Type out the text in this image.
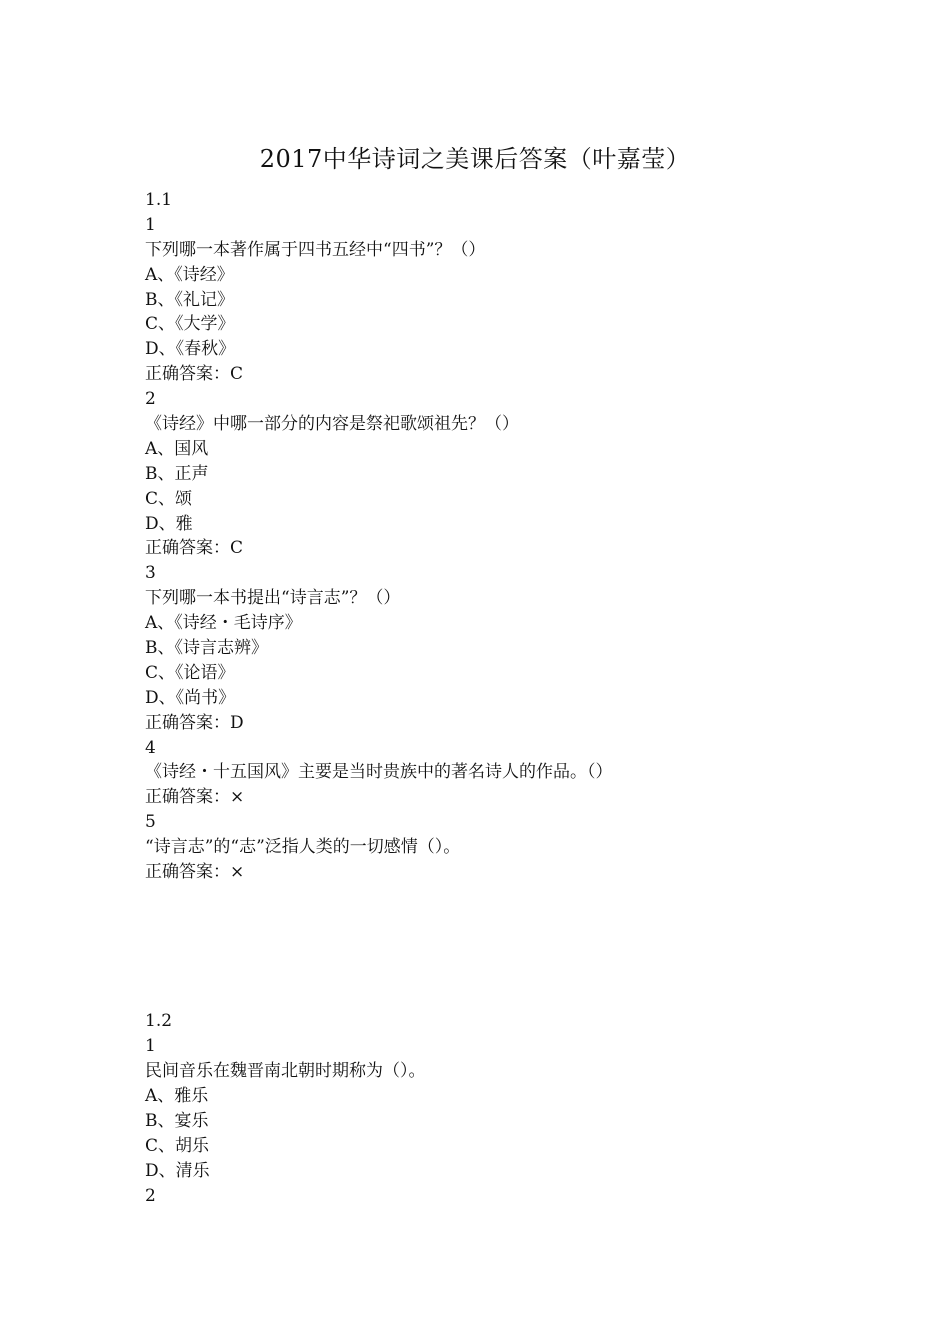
2017中华诗词之美课后答案（叶嘉莹）
1.1
1
下列哪一本著作属于四书五经中“四书”？（）
A、《诗经》
B、《礼记》
C、《大学》
D、《春秋》
正确答案：C
2
《诗经》中哪一部分的内容是祭祀歌颂祖先？（）
A、国风
B、正声
C、颂
D、雅
正确答案：C
3
下列哪一本书提出“诗言志”？（）
A、《诗经・毛诗序》
B、《诗言志辨》
C、《论语》
D、《尚书》
正确答案：D
4
《诗经・十五国风》主要是当时贵族中的著名诗人的作品。（）
正确答案：×
5
“诗言志”的“志”泛指人类的一切感情（）。
正确答案：×
1.2
1
民间音乐在魏晋南北朝时期称为（）。
A、雅乐
B、宴乐
C、胡乐
D、清乐
2
